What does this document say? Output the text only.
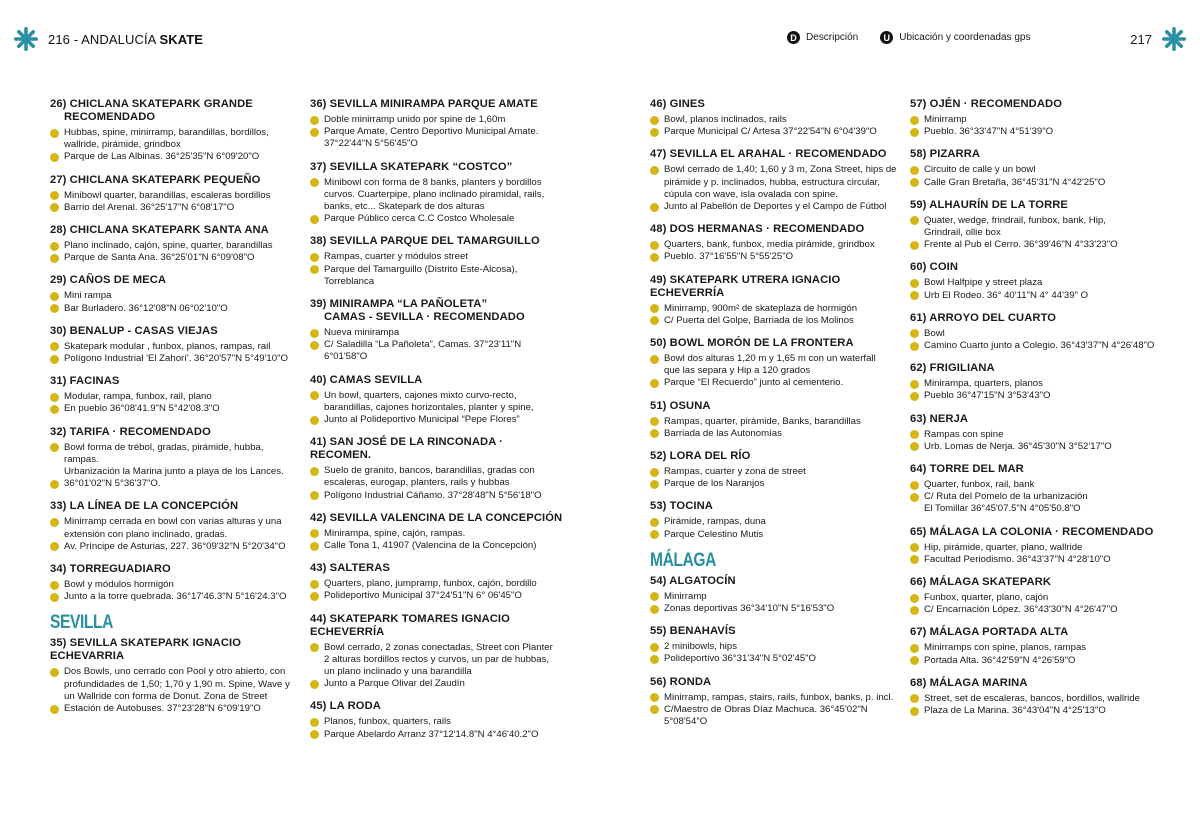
216 - ANDALUCÍA SKATE	D Descripción	U Ubicación y coordenadas gps	217
26) CHICLANA SKATEPARK GRANDE
RECOMENDADO
Hubbas, spine, minirramp, barandillas, bordillos,
wallride, pirámide, grindbox
Parque de Las Albinas. 36°25'35"N 6°09'20"O
27) CHICLANA SKATEPARK PEQUEÑO
Minibowl quarter, barandillas, escaleras bordillos
Barrio del Arenal. 36°25'17"N 6°08'17"O
28) CHICLANA SKATEPARK SANTA ANA
Plano inclinado, cajón, spine, quarter, barandillas
Parque de Santa Ana. 36°25'01"N 6°09'08"O
29) CAÑOS DE MECA
Mini rampa
Bar Burladero. 36°12'08"N 06°02'10"O
30) BENALUP - CASAS VIEJAS
Skatepark modular , funbox, planos, rampas, rail
Polígono Industrial 'El Zahorí'. 36°20'57"N 5°49'10"O
31) FACINAS
Modular, rampa, funbox, rail, plano
En pueblo 36°08'41.9"N 5°42'08.3"O
32) TARIFA · RECOMENDADO
Bowl forma de trébol, gradas, pirámide, hubba, rampas.
Urbanización la Marina junto a playa de los Lances.
36°01'02"N 5°36'37"O.
33) LA LÍNEA DE LA CONCEPCIÓN
Minirramp cerrada en bowl con varias alturas y una
extensión con plano inclinado, gradas.
Av. Príncipe de Asturias, 227. 36°09'32"N 5°20'34"O
34) TORREGUADIARO
Bowl y módulos hormigón
Junto a la torre quebrada. 36°17'46.3"N 5°16'24.3"O
SEVILLA
35) SEVILLA SKATEPARK IGNACIO ECHEVARRIA
Dos Bowls, uno cerrado con Pool y otro abierto, con
profundidades de 1,50; 1,70 y 1,90 m. Spine, Wave y
un Wallride con forma de Donut. Zona de Street
Estación de Autobuses. 37°23'28"N 6°09'19"O
36) SEVILLA MINIRAMPA PARQUE AMATE
Doble minirramp unido por spine de 1,60m
Parque Amate, Centro Deportivo Municipal Amate.
37°22'44"N 5°56'45"O
37) SEVILLA SKATEPARK “COSTCO”
Minibowl con forma de 8 banks, planters y bordillos
curvos. Cuarterpipe, plano inclinado piramidal, rails,
banks, etc... Skatepark de dos alturas
Parque Público cerca C.C Costco Wholesale
38) SEVILLA PARQUE DEL TAMARGUILLO
Rampas, cuarter y módulos street
Parque del Tamarguillo (Distrito Este-Alcosa),
Torreblanca
39) MINIRAMPA “LA PAÑOLETA”
CAMAS - SEVILLA · RECOMENDADO
Nueva minirampa
C/ Saladilla “La Pañoleta”, Camas. 37°23'11"N 6°01'58"O
40) CAMAS SEVILLA
Un bowl, quarters, cajones mixto curvo-recto,
barandillas, cajones horizontales, planter y spine,
Junto al Polideportivo Municipal “Pepe Flores”
41) SAN JOSÉ DE LA RINCONADA · RECOMEN.
Suelo de granito, bancos, barandillas, gradas con
escaleras, eurogap, planters, rails y hubbas
Polígono Industrial Cáñamo. 37°28'48"N 5°56'18"O
42) SEVILLA VALENCINA DE LA CONCEPCIÓN
Minirampa, spine, cajón, rampas.
Calle Tona 1, 41907 (Valencina de la Concepción)
43) SALTERAS
Quarters, plano, jumpramp, funbox, cajón, bordillo
Polideportivo Municipal 37°24'51"N 6° 06'45"O
44) SKATEPARK TOMARES IGNACIO ECHEVERRÍA
Bowl cerrado, 2 zonas conectadas, Street con Planter
2 alturas bordillos rectos y curvos, un par de hubbas,
un plano inclinado y una barandilla
Junto a Parque Olivar del Zaudín
45) LA RODA
Planos, funbox, quarters, rails
Parque Abelardo Arranz 37°12'14.8"N 4°46'40.2"O
46) GINES
Bowl, planos inclinados, rails
Parque Municipal C/ Artesa 37°22'54"N 6°04'39"O
47) SEVILLA EL ARAHAL · RECOMENDADO
Bowl cerrado de 1,40; 1,60 y 3 m, Zona Street, hips de
pirámide y p. inclinados, hubba, estructura circular,
cúpula con wave, isla ovalada con spine.
Junto al Pabellón de Deportes y el Campo de Fútbol
48) DOS HERMANAS · RECOMENDADO
Quarters, bank, funbox, media pirámide, grindbox
Pueblo. 37°16'55"N 5°55'25"O
49) SKATEPARK UTRERA IGNACIO ECHEVERRÍA
Minirramp, 900m² de skateplaza de hormigón
C/ Puerta del Golpe, Barriada de los Molinos
50) BOWL MORÓN DE LA FRONTERA
Bowl dos alturas 1,20 m y 1,65 m con un waterfall
que las separa y Hip a 120 grados
Parque “El Recuerdo” junto al cementerio.
51) OSUNA
Rampas, quarter, pirámide, Banks, barandillas
Barriada de las Autonomías
52) LORA DEL RÍO
Rampas, cuarter y zona de street
Parque de los Naranjos
53) TOCINA
Pirámide, rampas, duna
Parque Celestino Mutis
MÁLAGA
54) ALGATOCÍN
Minirramp
Zonas deportivas 36°34'10"N 5°16'53"O
55) BENAHAVÍS
2 minibowls, hips
Polideportivo 36°31'34"N 5°02'45"O
56) RONDA
Minirramp, rampas, stairs, rails, funbox, banks, p. incl.
C/Maestro de Obras Díaz Machuca. 36°45'02"N 5°08'54"O
57) OJÉN · RECOMENDADO
Minirramp
Pueblo. 36°33'47"N 4°51'39"O
58) PIZARRA
Circuito de calle y un bowl
Calle Gran Bretaña, 36°45'31"N 4°42'25"O
59) ALHAURÍN DE LA TORRE
Quater, wedge, frindrail, funbox, bank, Hip,
Grindrail, ollie box
Frente al Pub el Cerro. 36°39'46"N 4°33'23"O
60) COIN
Bowl Halfpipe y street plaza
Urb El Rodeo. 36° 40'11"N 4° 44'39" O
61) ARROYO DEL CUARTO
Bowl
Camino Cuarto junto a Colegio. 36°43'37"N 4°26'48"O
62) FRIGILIANA
Minirampa, quarters, planos
Pueblo 36°47'15"N 3°53'43"O
63) NERJA
Rampas con spine
Urb. Lomas de Nerja. 36°45'30"N 3°52'17"O
64) TORRE DEL MAR
Quarter, funbox, rail, bank
C/ Ruta del Pomelo de la urbanización
El Tomillar 36°45'07.5"N 4°05'50.8"O
65) MÁLAGA LA COLONIA · RECOMENDADO
Hip, pirámide, quarter, plano, wallride
Facultad Periodismo. 36°43'37"N 4°28'10"O
66) MÁLAGA SKATEPARK
Funbox, quarter, plano, cajón
C/ Encarnación López. 36°43'30"N 4°26'47"O
67) MÁLAGA PORTADA ALTA
Minirramps con spine, planos, rampas
Portada Alta. 36°42'59"N 4°26'59"O
68) MÁLAGA MARINA
Street, set de escaleras, bancos, bordillos, wallride
Plaza de La Marina. 36°43'04"N 4°25'13"O
